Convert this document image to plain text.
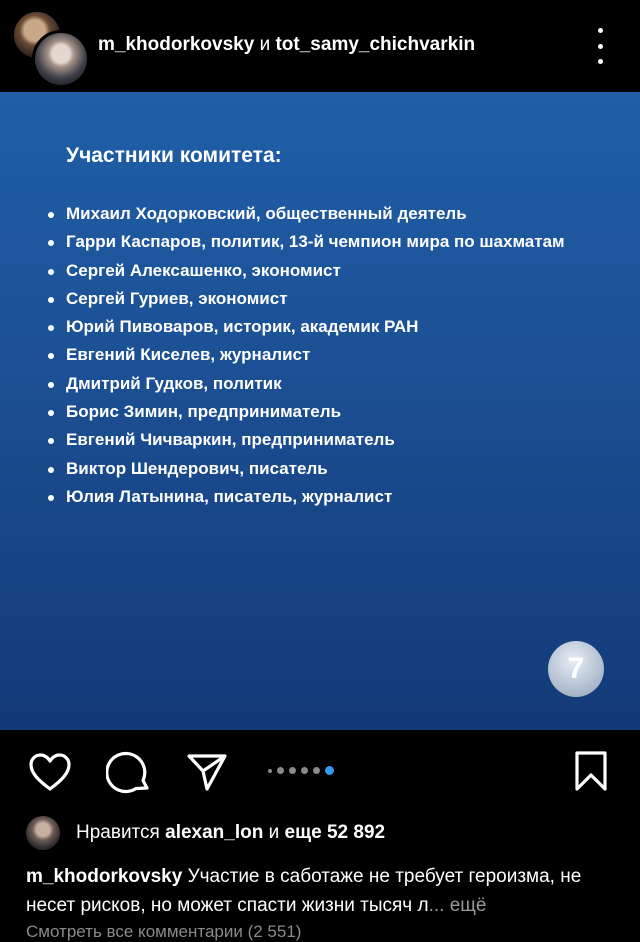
m_khodorkovsky и tot_samy_chichvarkin
Участники комитета:
Михаил Ходорковский, общественный деятель
Гарри Каспаров, политик, 13-й чемпион мира по шахматам
Сергей Алексашенко, экономист
Сергей Гуриев, экономист
Юрий Пивоваров, историк, академик РАН
Евгений Киселев, журналист
Дмитрий Гудков, политик
Борис Зимин, предприниматель
Евгений Чичваркин, предприниматель
Виктор Шендерович, писатель
Юлия Латынина, писатель, журналист
7
Нравится alexan_lon и еще 52 892
m_khodorkovsky Участие в саботаже не требует героизма, не несет рисков, но может спасти жизни тысяч л... ещё
Смотреть все комментарии (2 551)
